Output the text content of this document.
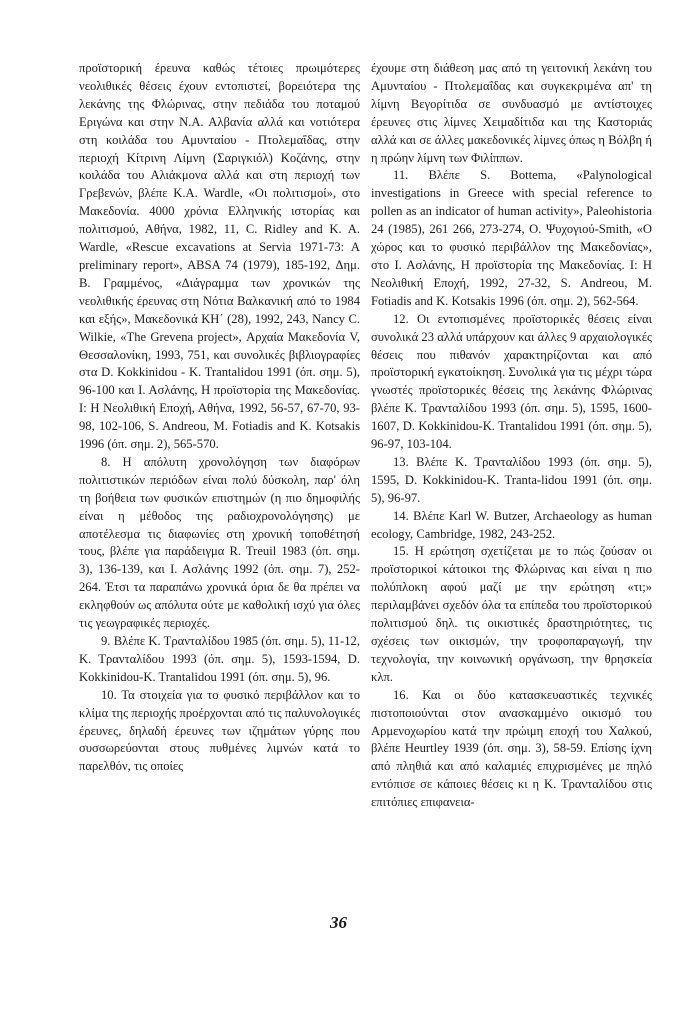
προϊστορική έρευνα καθώς τέτοιες πρωιμότερες νεολιθικές θέσεις έχουν εντοπιστεί, βορειότερα της λεκάνης της Φλώρινας, στην πεδιάδα του ποταμού Εριγώνα και στην Ν.Α. Αλβανία αλλά και νοτιότερα στη κοιλάδα του Αμυνταίου - Πτολεμαΐδας, στην περιοχή Κίτρινη Λίμνη (Σαριγκιόλ) Κοζάνης, στην κοιλάδα του Αλιάκμονα αλλά και στη περιοχή των Γρεβενών, βλέπε Κ.Α. Wardle, «Οι πολιτισμοί», στο Μακεδονία. 4000 χρόνια Ελληνικής ιστορίας και πολιτισμού, Αθήνα, 1982, 11, C. Ridley and K. A. Wardle, «Rescue excavations at Servia 1971-73: A preliminary report», ABSA 74 (1979), 185-192, Δημ. Β. Γραμμένος, «Διάγραμμα των χρονικών της νεολιθικής έρευνας στη Νότια Βαλκανική από το 1984 και εξής», Μακεδονικά ΚΗ΄ (28), 1992, 243, Nancy C. Wilkie, «The Grevena project», Αρχαία Μακεδονία V, Θεσσαλονίκη, 1993, 751, και συνολικές βιβλιογραφίες στα D. Kokkinidou - K. Trantalidou 1991 (όπ. σημ. 5), 96-100 και Ι. Ασλάνης, Η προϊστορία της Μακεδονίας. I: Η Νεολιθική Εποχή, Αθήνα, 1992, 56-57, 67-70, 93-98, 102-106, S. Andreou, M. Fotiadis and K. Kotsakis 1996 (όπ. σημ. 2), 565-570.

8. Η απόλυτη χρονολόγηση των διαφόρων πολιτιστικών περιόδων είναι πολύ δύσκολη, παρ' όλη τη βοήθεια των φυσικών επιστημών (η πιο δημοφιλής είναι η μέθοδος της ραδιοχρονολόγησης) με αποτέλεσμα τις διαφωνίες στη χρονική τοποθέτησή τους, βλέπε για παράδειγμα R. Treuil 1983 (όπ. σημ. 3), 136-139, και Ι. Ασλάνης 1992 (όπ. σημ. 7), 252-264. Έτσι τα παραπάνω χρονικά όρια δε θα πρέπει να εκληφθούν ως απόλυτα ούτε με καθολική ισχύ για όλες τις γεωγραφικές περιοχές.

9. Βλέπε Κ. Τρανταλίδου 1985 (όπ. σημ. 5), 11-12, Κ. Τρανταλίδου 1993 (όπ. σημ. 5), 1593-1594, D. Kokkinidou-K. Trantalidou 1991 (όπ. σημ. 5), 96.

10. Τα στοιχεία για το φυσικό περιβάλλον και το κλίμα της περιοχής προέρχονται από τις παλυνολογικές έρευνες, δηλαδή έρευνες των ιζημάτων γύρης που συσσωρεύονται στους πυθμένες λιμνών κατά το παρελθόν, τις οποίες

έχουμε στη διάθεση μας από τη γειτονική λεκάνη του Αμυνταίου - Πτολεμαΐδας και συγκεκριμένα απ' τη λίμνη Βεγορίτιδα σε συνδυασμό με αντίστοιχες έρευνες στις λίμνες Χειμαδίτιδα και της Καστοριάς αλλά και σε άλλες μακεδονικές λίμνες όπως η Βόλβη ή η πρώην λίμνη των Φιλίππων.

11. Βλέπε S. Bottema, «Palynological investigations in Greece with special reference to pollen as an indicator of human activity», Paleohistoria 24 (1985), 261 266, 273-274, O. Ψυχογιού-Smith, «Ο χώρος και το φυσικό περιβάλλον της Μακεδονίας», στο Ι. Ασλάνης, Η προϊστορία της Μακεδονίας. I: Η Νεολιθική Εποχή, 1992, 27-32, S. Andreou, M. Fotiadis and K. Kotsakis 1996 (όπ. σημ. 2), 562-564.

12. Οι εντοπισμένες προϊστορικές θέσεις είναι συνολικά 23 αλλά υπάρχουν και άλλες 9 αρχαιολογικές θέσεις που πιθανόν χαρακτηρίζονται και από προϊστορική εγκατοίκηση. Συνολικά για τις μέχρι τώρα γνωστές προϊστορικές θέσεις της λεκάνης Φλώρινας βλέπε Κ. Τρανταλίδου 1993 (όπ. σημ. 5), 1595, 1600-1607, D. Kokkinidou-K. Trantalidou 1991 (όπ. σημ. 5), 96-97, 103-104.

13. Βλέπε Κ. Τρανταλίδου 1993 (όπ. σημ. 5), 1595, D. Kokkinidou-K. Tranta-lidou 1991 (όπ. σημ. 5), 96-97.

14. Βλέπε Karl W. Butzer, Archaeology as human ecology, Cambridge, 1982, 243-252.

15. Η ερώτηση σχετίζεται με το πώς ζούσαν οι προϊστορικοί κάτοικοι της Φλώρινας και είναι η πιο πολύπλοκη αφού μαζί με την ερώτηση «τι;» περιλαμβάνει σχεδόν όλα τα επίπεδα του προϊστορικού πολιτισμού δηλ. τις οικιστικές δραστηριότητες, τις σχέσεις των οικισμών, την τροφοπαραγωγή, την τεχνολογία, την κοινωνική οργάνωση, την θρησκεία κλπ.

16. Και οι δύο κατασκευαστικές τεχνικές πιστοποιούνται στον ανασκαμμένο οικισμό του Αρμενοχωρίου κατά την πρώιμη εποχή του Χαλκού, βλέπε Heurtley 1939 (όπ. σημ. 3), 58-59. Επίσης ίχνη από πληθιά και από καλαμιές επιχρισμένες με πηλό εντόπισε σε κάποιες θέσεις κι η Κ. Τρανταλίδου στις επιτόπιες επιφανεια-

36
